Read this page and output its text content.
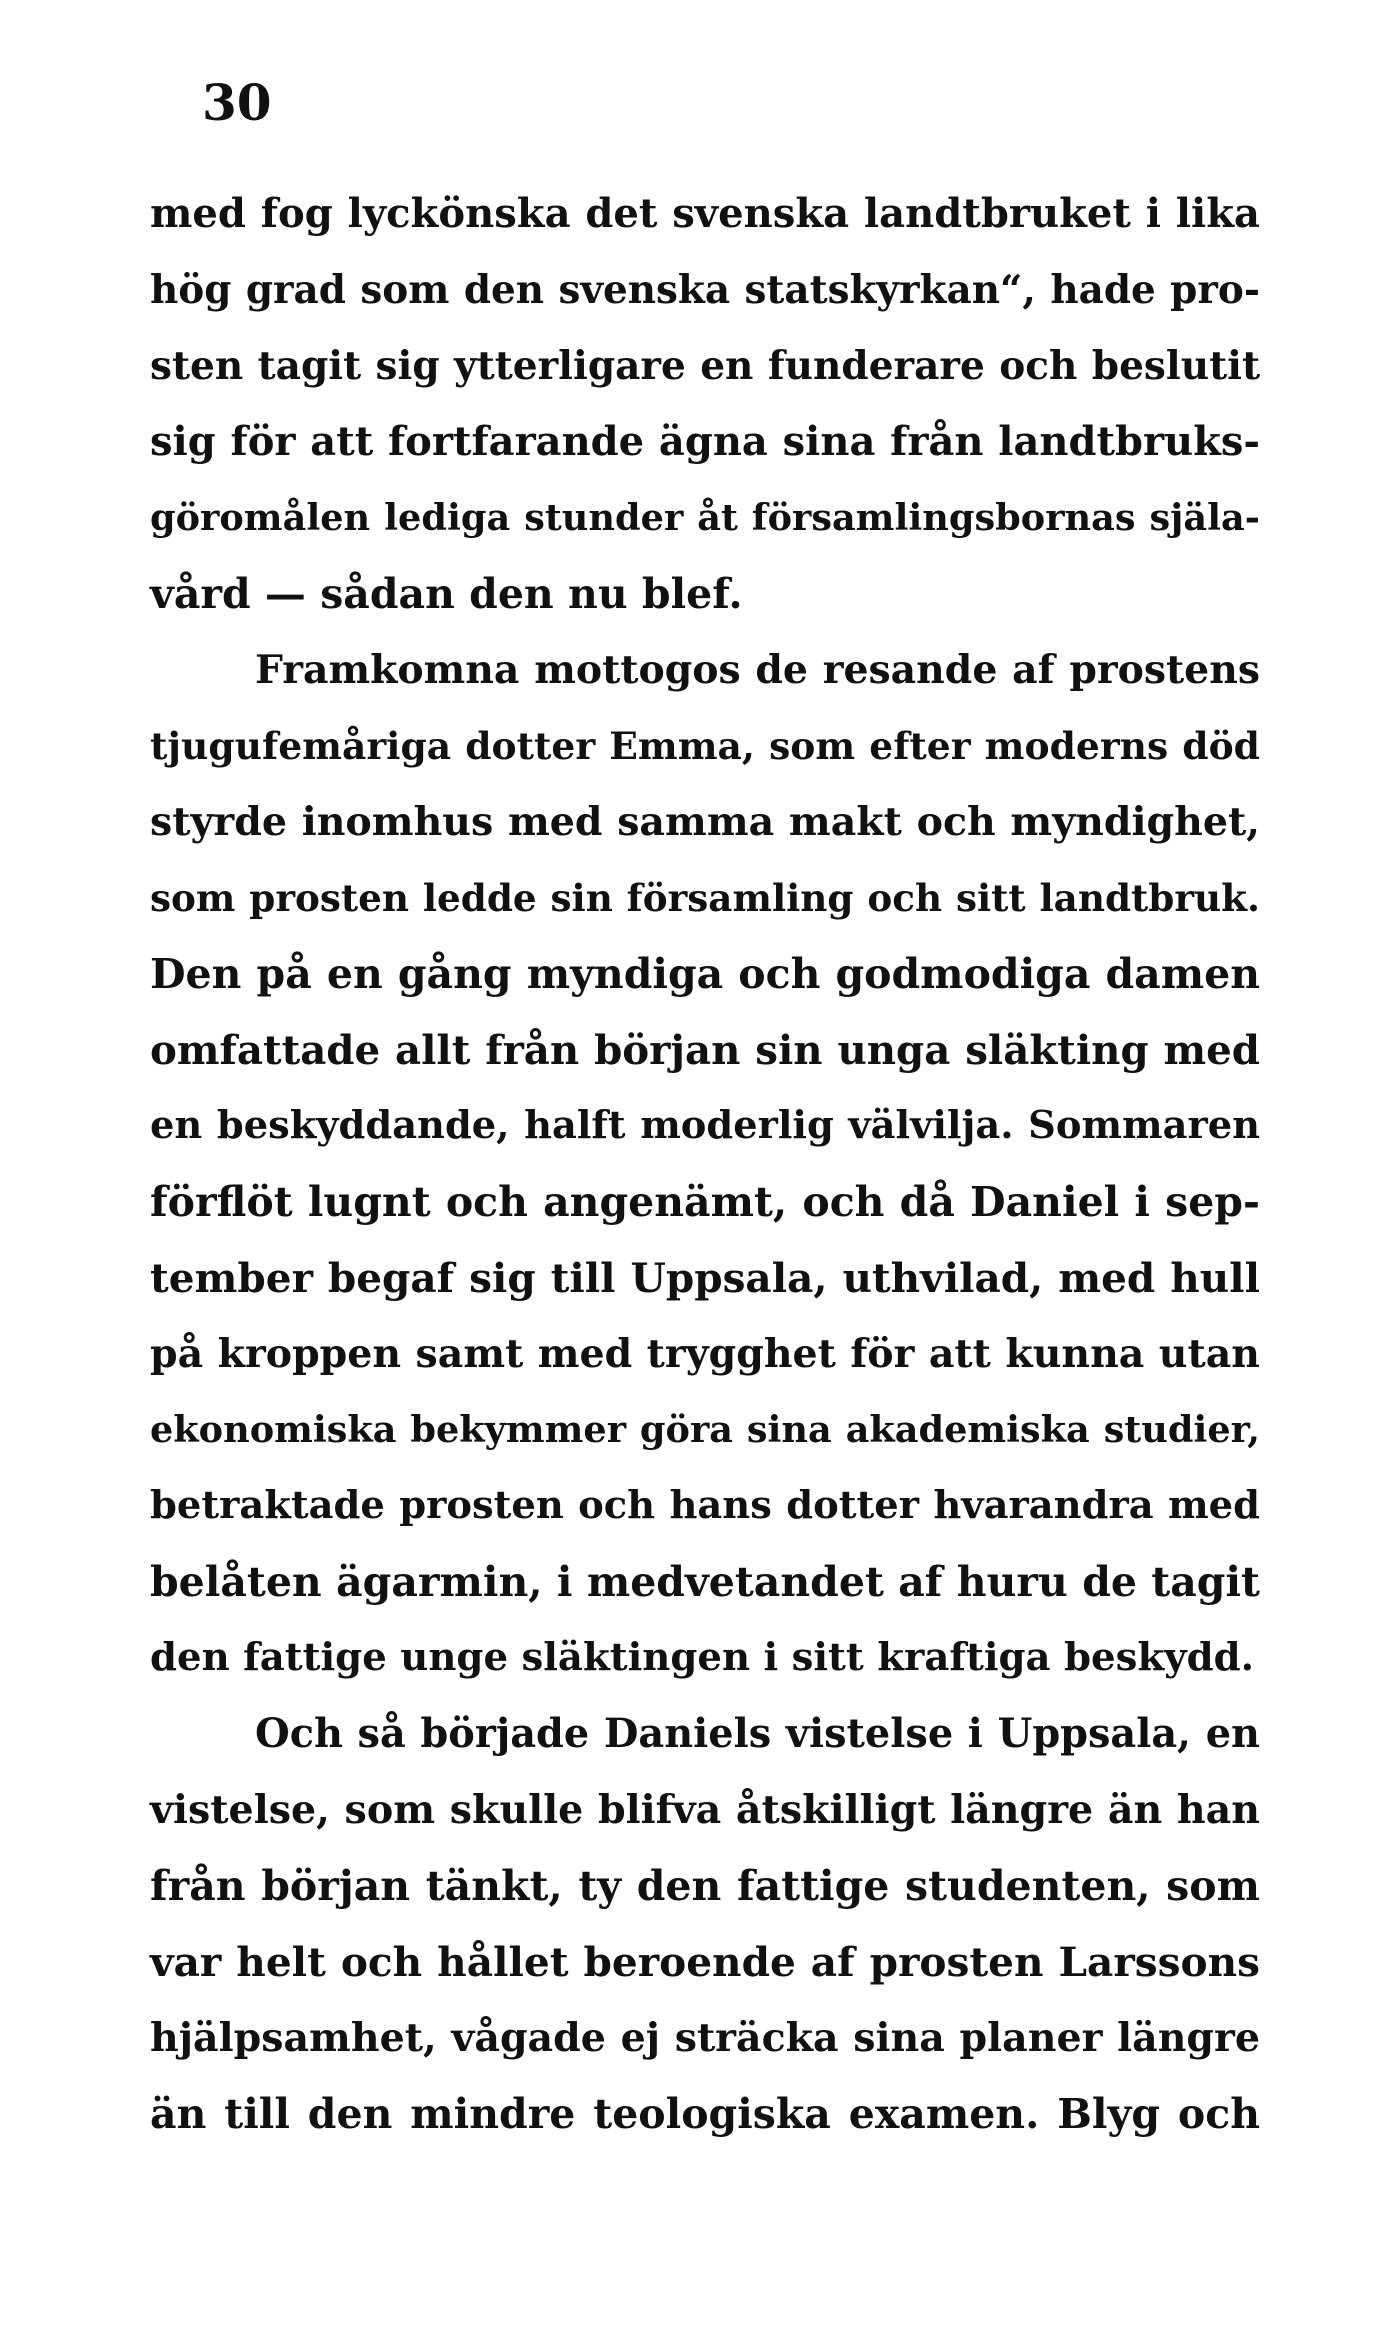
30
med fog lyckönska det svenska landtbruket i lika
hög grad som den svenska statskyrkan“, hade pro-
sten tagit sig ytterligare en funderare och beslutit
sig för att fortfarande ägna sina från landtbruks-
göromålen lediga stunder åt församlingsbornas själa-
vård — sådan den nu blef.
Framkomna mottogos de resande af prostens
tjugufemåriga dotter Emma, som efter moderns död
styrde inomhus med samma makt och myndighet,
som prosten ledde sin församling och sitt landtbruk.
Den på en gång myndiga och godmodiga damen
omfattade allt från början sin unga släkting med
en beskyddande, halft moderlig välvilja. Sommaren
förflöt lugnt och angenämt, och då Daniel i sep-
tember begaf sig till Uppsala, uthvilad, med hull
på kroppen samt med trygghet för att kunna utan
ekonomiska bekymmer göra sina akademiska studier,
betraktade prosten och hans dotter hvarandra med
belåten ägarmin, i medvetandet af huru de tagit
den fattige unge släktingen i sitt kraftiga beskydd.
Och så började Daniels vistelse i Uppsala, en
vistelse, som skulle blifva åtskilligt längre än han
från början tänkt, ty den fattige studenten, som
var helt och hållet beroende af prosten Larssons
hjälpsamhet, vågade ej sträcka sina planer längre
än till den mindre teologiska examen. Blyg och
